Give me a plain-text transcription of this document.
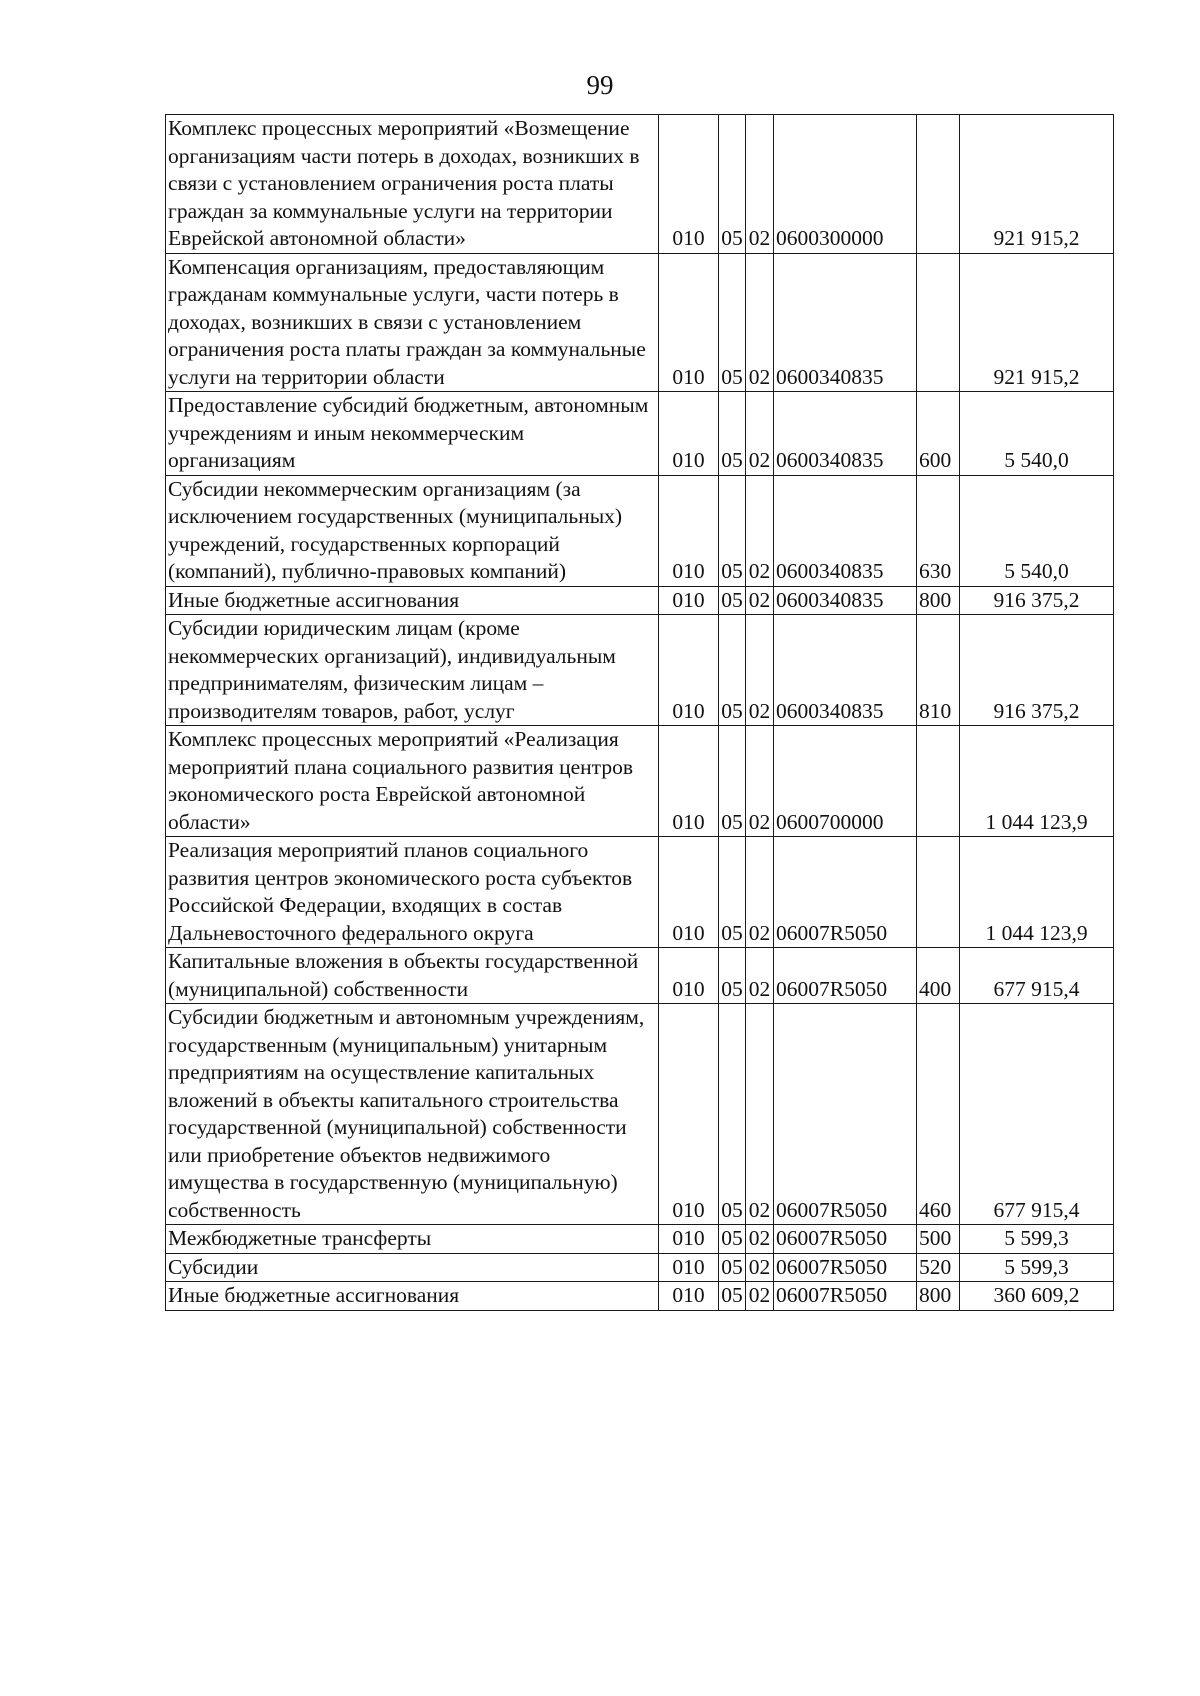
99
Комплекс процессных мероприятий «Возмещение организациям части потерь в доходах, возникших в связи с установлением ограничения роста платы граждан за коммунальные услуги на территории Еврейской автономной области»	010	05	02	0600300000		921 915,2
Компенсация организациям, предоставляющим гражданам коммунальные услуги, части потерь в доходах, возникших в связи с установлением ограничения роста платы граждан за коммунальные услуги на территории области	010	05	02	0600340835		921 915,2
Предоставление субсидий бюджетным, автономным учреждениям и иным некоммерческим организациям	010	05	02	0600340835	600	5 540,0
Субсидии некоммерческим организациям (за исключением государственных (муниципальных) учреждений, государственных корпораций (компаний), публично-правовых компаний)	010	05	02	0600340835	630	5 540,0
Иные бюджетные ассигнования	010	05	02	0600340835	800	916 375,2
Субсидии юридическим лицам (кроме некоммерческих организаций), индивидуальным предпринимателям, физическим лицам – производителям товаров, работ, услуг	010	05	02	0600340835	810	916 375,2
Комплекс процессных мероприятий «Реализация мероприятий плана социального развития центров экономического роста Еврейской автономной области»	010	05	02	0600700000		1 044 123,9
Реализация мероприятий планов социального развития центров экономического роста субъектов Российской Федерации, входящих в состав Дальневосточного федерального округа	010	05	02	06007R5050		1 044 123,9
Капитальные вложения в объекты государственной (муниципальной) собственности	010	05	02	06007R5050	400	677 915,4
Субсидии бюджетным и автономным учреждениям, государственным (муниципальным) унитарным предприятиям на осуществление капитальных вложений в объекты капитального строительства государственной (муниципальной) собственности или приобретение объектов недвижимого имущества в государственную (муниципальную) собственность	010	05	02	06007R5050	460	677 915,4
Межбюджетные трансферты	010	05	02	06007R5050	500	5 599,3
Субсидии	010	05	02	06007R5050	520	5 599,3
Иные бюджетные ассигнования	010	05	02	06007R5050	800	360 609,2
